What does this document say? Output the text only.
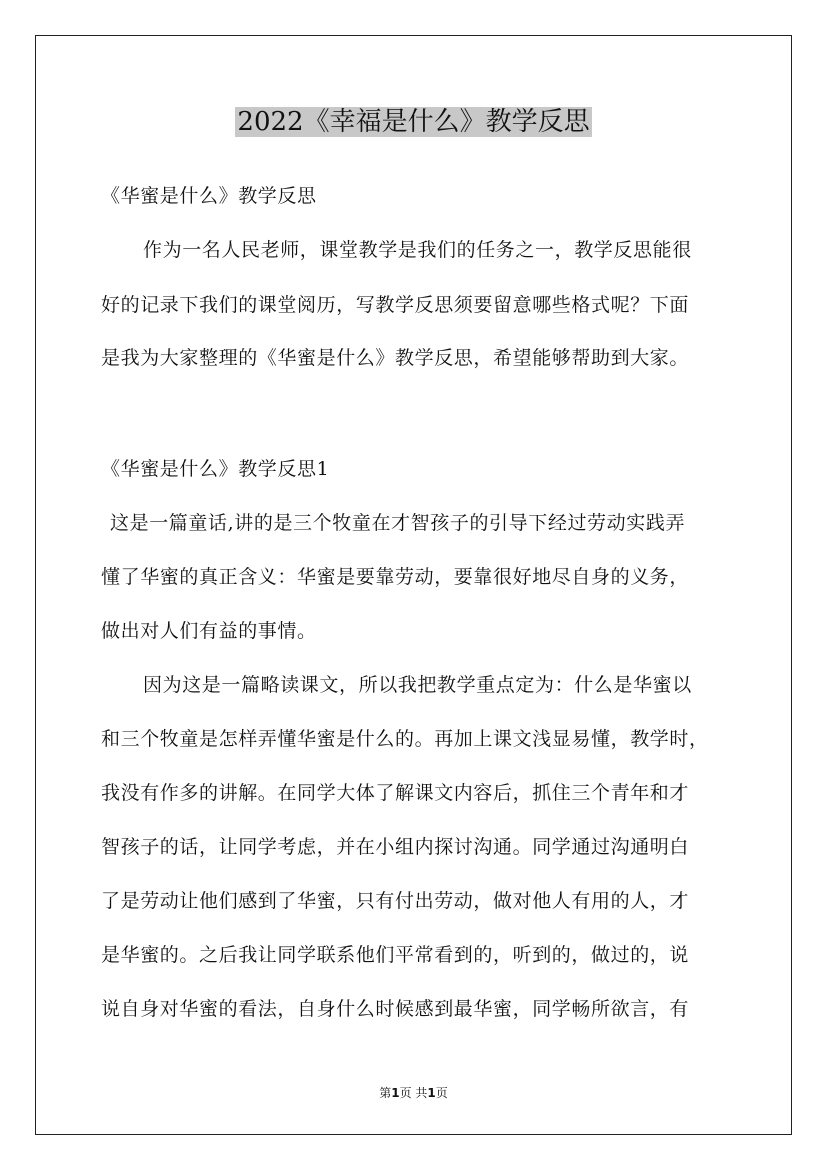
2022《幸福是什么》教学反思
《华蜜是什么》教学反思
作为一名人民老师，课堂教学是我们的任务之一，教学反思能很
好的记录下我们的课堂阅历，写教学反思须要留意哪些格式呢？下面
是我为大家整理的《华蜜是什么》教学反思，希望能够帮助到大家。
《华蜜是什么》教学反思1
这是一篇童话,讲的是三个牧童在才智孩子的引导下经过劳动实践弄
懂了华蜜的真正含义：华蜜是要靠劳动，要靠很好地尽自身的义务，
做出对人们有益的事情。
因为这是一篇略读课文，所以我把教学重点定为：什么是华蜜以
和三个牧童是怎样弄懂华蜜是什么的。再加上课文浅显易懂，教学时，
我没有作多的讲解。在同学大体了解课文内容后，抓住三个青年和才
智孩子的话，让同学考虑，并在小组内探讨沟通。同学通过沟通明白
了是劳动让他们感到了华蜜，只有付出劳动，做对他人有用的人，才
是华蜜的。之后我让同学联系他们平常看到的，听到的，做过的，说
说自身对华蜜的看法，自身什么时候感到最华蜜，同学畅所欲言，有
第1页 共1页
